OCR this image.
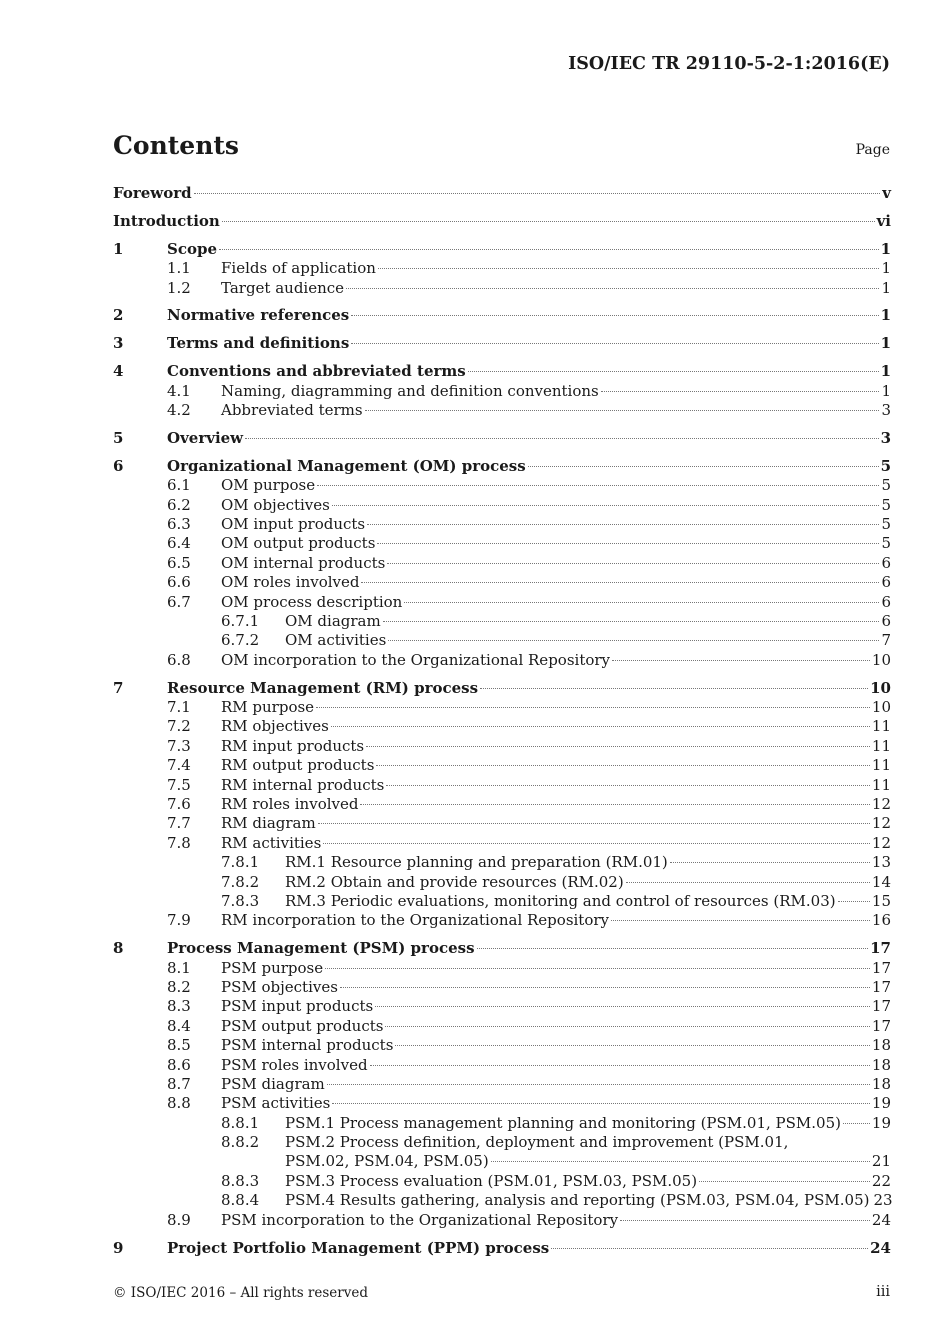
ISO/IEC TR 29110-5-2-1:2016(E)
Contents	Page
Foreword	v
Introduction	vi
1	Scope	1
1.1 Fields of application	1
1.2 Target audience	1
2	Normative references	1
3	Terms and definitions	1
4	Conventions and abbreviated terms	1
4.1 Naming, diagramming and definition conventions	1
4.2 Abbreviated terms	3
5	Overview	3
6	Organizational Management (OM) process	5
6.1 OM purpose	5
6.2 OM objectives	5
6.3 OM input products	5
6.4 OM output products	5
6.5 OM internal products	6
6.6 OM roles involved	6
6.7 OM process description	6
6.7.1 OM diagram	6
6.7.2 OM activities	7
6.8 OM incorporation to the Organizational Repository	10
7	Resource Management (RM) process	10
7.1 RM purpose	10
7.2 RM objectives	11
7.3 RM input products	11
7.4 RM output products	11
7.5 RM internal products	11
7.6 RM roles involved	12
7.7 RM diagram	12
7.8 RM activities	12
7.8.1 RM.1 Resource planning and preparation (RM.01)	13
7.8.2 RM.2 Obtain and provide resources (RM.02)	14
7.8.3 RM.3 Periodic evaluations, monitoring and control of resources (RM.03) 15
7.9 RM incorporation to the Organizational Repository	16
8	Process Management (PSM) process	17
8.1 PSM purpose	17
8.2 PSM objectives	17
8.3 PSM input products	17
8.4 PSM output products	17
8.5 PSM internal products	18
8.6 PSM roles involved	18
8.7 PSM diagram	18
8.8 PSM activities	19
8.8.1 PSM.1 Process management planning and monitoring (PSM.01, PSM.05) 19
8.8.2 PSM.2 Process definition, deployment and improvement (PSM.01,
PSM.02, PSM.04, PSM.05)	21
8.8.3 PSM.3 Process evaluation (PSM.01, PSM.03, PSM.05)	22
8.8.4 PSM.4 Results gathering, analysis and reporting (PSM.03, PSM.04, PSM.05) 23
8.9 PSM incorporation to the Organizational Repository	24
9	Project Portfolio Management (PPM) process	24
© ISO/IEC 2016 – All rights reserved	iii
